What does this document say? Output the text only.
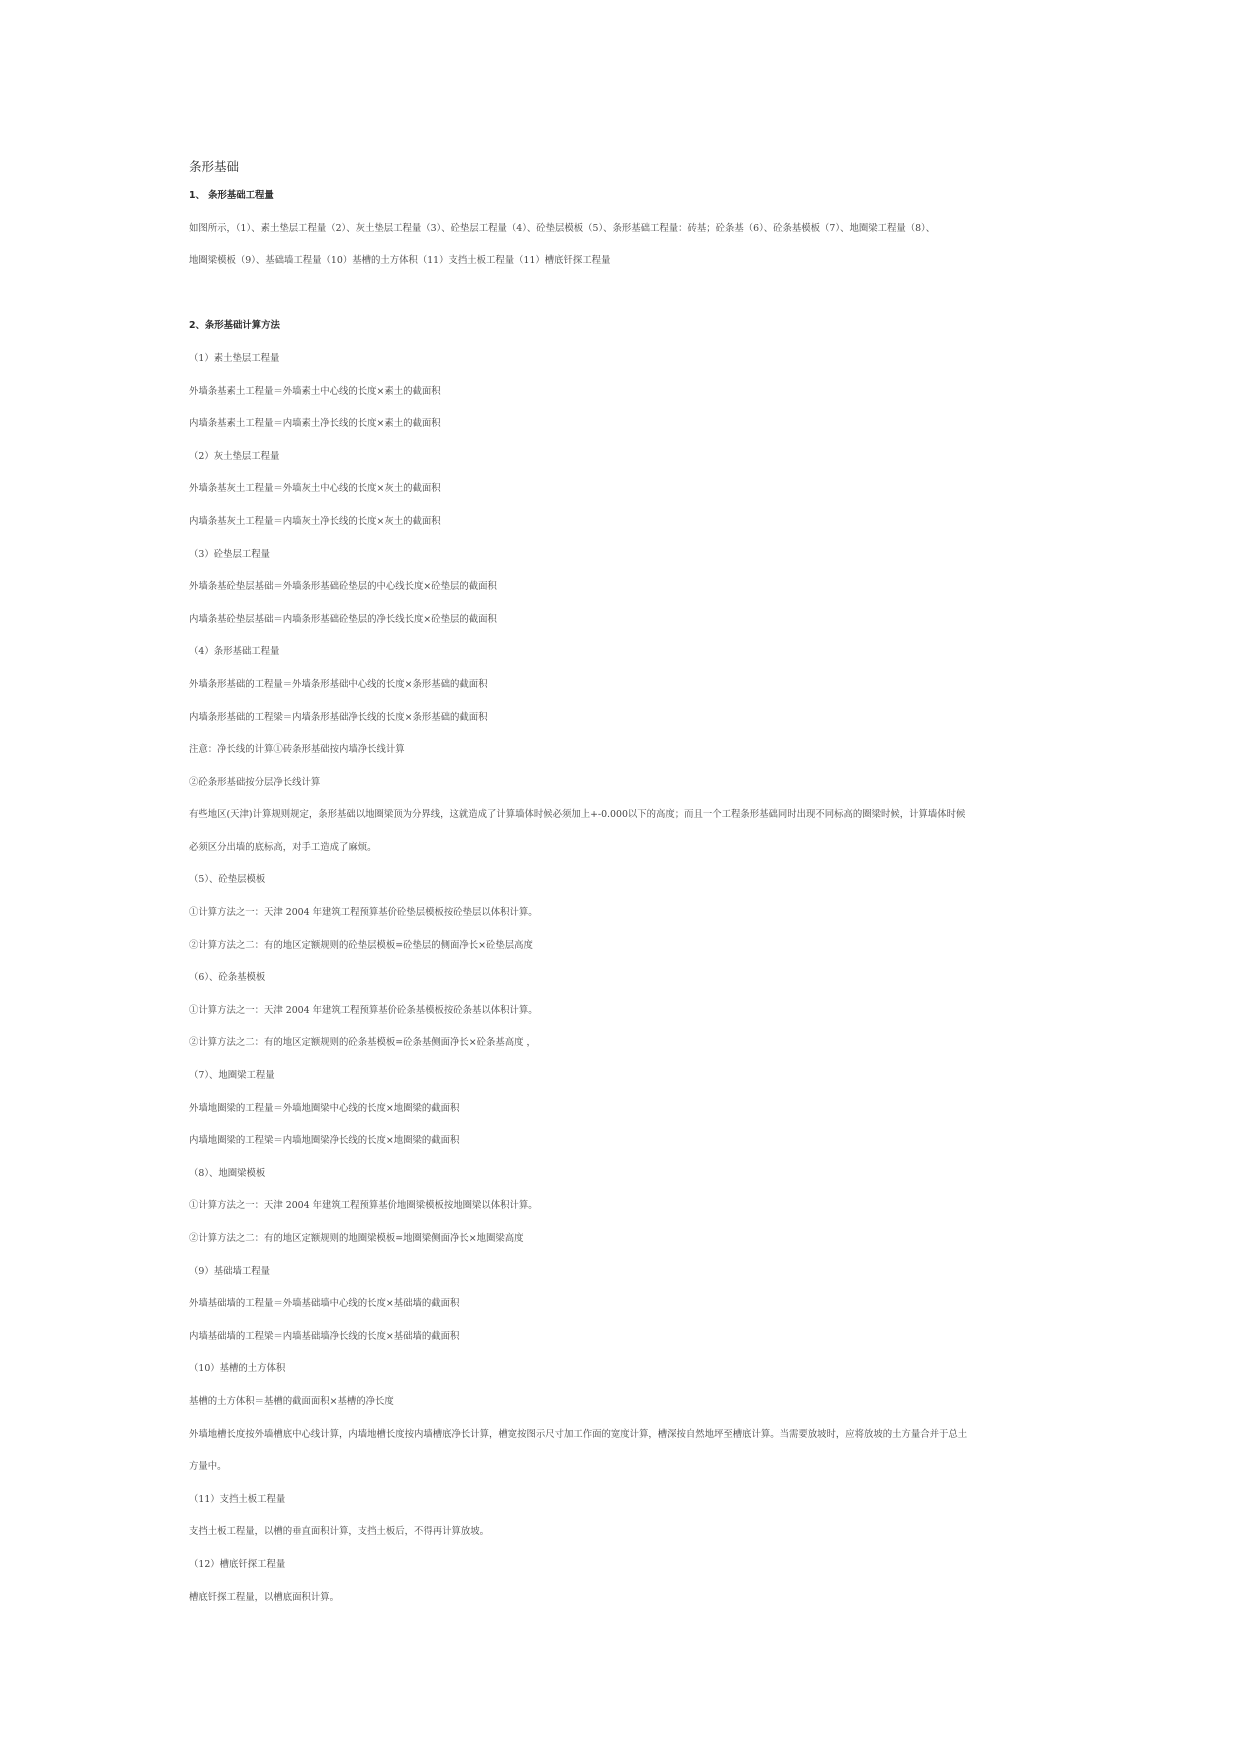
条形基础
1、 条形基础工程量
如图所示，（1）、素土垫层工程量（2）、灰土垫层工程量（3）、砼垫层工程量（4）、砼垫层模板（5）、条形基础工程量：砖基；砼条基（6）、砼条基模板（7）、地圈梁工程量（8）、
地圈梁模板（9）、基础墙工程量（10）基槽的土方体积（11）支挡土板工程量（11）槽底钎探工程量
2、条形基础计算方法
（1）素土垫层工程量
外墙条基素土工程量＝外墙素土中心线的长度×素土的截面积
内墙条基素土工程量＝内墙素土净长线的长度×素土的截面积
（2）灰土垫层工程量
外墙条基灰土工程量＝外墙灰土中心线的长度×灰土的截面积
内墙条基灰土工程量＝内墙灰土净长线的长度×灰土的截面积
（3）砼垫层工程量
外墙条基砼垫层基础＝外墙条形基础砼垫层的中心线长度×砼垫层的截面积
内墙条基砼垫层基础＝内墙条形基础砼垫层的净长线长度×砼垫层的截面积
（4）条形基础工程量
外墙条形基础的工程量＝外墙条形基础中心线的长度×条形基础的截面积
内墙条形基础的工程梁＝内墙条形基础净长线的长度×条形基础的截面积
注意：净长线的计算①砖条形基础按内墙净长线计算
②砼条形基础按分层净长线计算
有些地区(天津)计算规则规定，条形基础以地圈梁顶为分界线，这就造成了计算墙体时候必须加上+-0.000以下的高度；而且一个工程条形基础同时出现不同标高的圈梁时候，计算墙体时候
必须区分出墙的底标高，对手工造成了麻烦。
（5）、砼垫层模板
①计算方法之一：天津 2004 年建筑工程预算基价砼垫层模板按砼垫层以体积计算。
②计算方法之二：有的地区定额规则的砼垫层模板=砼垫层的侧面净长×砼垫层高度
（6）、砼条基模板
①计算方法之一：天津 2004 年建筑工程预算基价砼条基模板按砼条基以体积计算。
②计算方法之二：有的地区定额规则的砼条基模板=砼条基侧面净长×砼条基高度 ，
（7）、地圈梁工程量
外墙地圈梁的工程量＝外墙地圈梁中心线的长度×地圈梁的截面积
内墙地圈梁的工程梁＝内墙地圈梁净长线的长度×地圈梁的截面积
（8）、地圈梁模板
①计算方法之一：天津 2004 年建筑工程预算基价地圈梁模板按地圈梁以体积计算。
②计算方法之二：有的地区定额规则的地圈梁模板=地圈梁侧面净长×地圈梁高度
（9）基础墙工程量
外墙基础墙的工程量＝外墙基础墙中心线的长度×基础墙的截面积
内墙基础墙的工程梁＝内墙基础墙净长线的长度×基础墙的截面积
（10）基槽的土方体积
基槽的土方体积＝基槽的截面面积×基槽的净长度
外墙地槽长度按外墙槽底中心线计算，内墙地槽长度按内墙槽底净长计算，槽宽按图示尺寸加工作面的宽度计算，槽深按自然地坪至槽底计算。当需要放坡时，应将放坡的土方量合并于总土
方量中。
（11）支挡土板工程量
支挡土板工程量，以槽的垂直面积计算，支挡土板后，不得再计算放坡。
（12）槽底钎探工程量
槽底钎探工程量，以槽底面积计算。
